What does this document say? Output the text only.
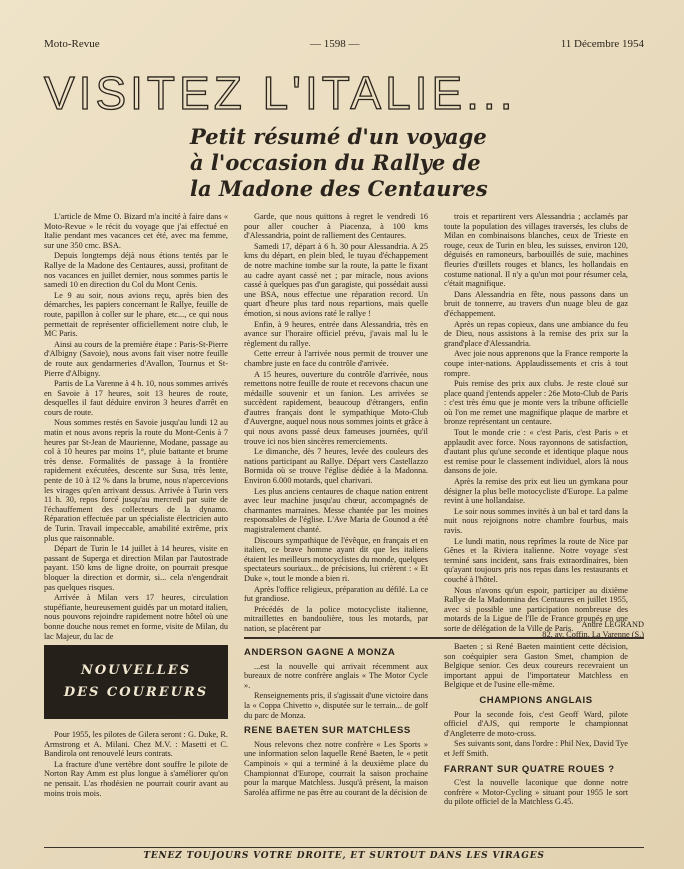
Moto-Revue	— 1598 —	11 Décembre 1954
VISITEZ L'ITALIE...
Petit résumé d'un voyage
à l'occasion du Rallye de
la Madone des Centaures

L'article de Mme O. Bizard m'a incité à faire dans « Moto-Revue » le récit du voyage que j'ai effectué en Italie pendant mes vacances cet été, avec ma femme, sur une 350 cmc. BSA.

Depuis longtemps déjà nous étions tentés par le Rallye de la Madone des Centaures, aussi, profitant de nos vacances en juillet dernier, nous sommes partis le samedi 10 en direction du Col du Mont Cenis.

Le 9 au soir, nous avions reçu, après bien des démarches, les papiers concernant le Rallye, feuille de route, papillon à coller sur le phare, etc..., ce qui nous permettait de représenter officiellement notre club, le MC Paris.

Ainsi au cours de la première étape : Paris-St-Pierre d'Albigny (Savoie), nous avons fait viser notre feuille de route aux gendarmeries d'Avallon, Tournus et St-Pierre d'Albigny.

Partis de La Varenne à 4 h. 10, nous sommes arrivés en Savoie à 17 heures, soit 13 heures de route, desquelles il faut déduire environ 3 heures d'arrêt en cours de route.

Nous sommes restés en Savoie jusqu'au lundi 12 au matin et nous avons repris la route du Mont-Cenis à 7 heures par St-Jean de Maurienne, Modane, passage au col à 10 heures par moins 1°, pluie battante et brume très dense. Formalités de passage à la frontière rapidement exécutées, descente sur Susa, très lente, pente de 10 à 12 % dans la brume, nous n'apercevions les virages qu'en arrivant dessus. Arrivée à Turin vers 11 h. 30, repos forcé jusqu'au mercredi par suite de l'échauffement des collecteurs de la dynamo. Réparation effectuée par un spécialiste électricien auto de Turin. Travail impeccable, amabilité extrême, prix plus que raisonnable.

Départ de Turin le 14 juillet à 14 heures, visite en passant de Superga et direction Milan par l'autostrade payant. 150 kms de ligne droite, on pourrait presque bloquer la direction et dormir, si... cela n'engendrait pas quelques risques.

Arrivée à Milan vers 17 heures, circulation stupéfiante, heureusement guidés par un motard italien, nous pouvons rejoindre rapidement notre hôtel où une bonne douche nous remet en forme, visite de Milan, du lac Majeur, du lac de

Garde, que nous quittons à regret le vendredi 16 pour aller coucher à Piacenza, à 100 kms d'Alessandria, point de ralliement des Centaures.

Samedi 17, départ à 6 h. 30 pour Alessandria. A 25 kms du départ, en plein bled, le tuyau d'échappement de notre machine tombe sur la route, la patte le fixant au cadre ayant cassé net ; par miracle, nous avions cassé à quelques pas d'un garagiste, qui possédait aussi une BSA, nous effectue une réparation record. Un quart d'heure plus tard nous repartions, mais quelle émotion, si nous avions raté le rallye !

Enfin, à 9 heures, entrée dans Alessandria, très en avance sur l'horaire officiel prévu, j'avais mal lu le règlement du rallye.

Cette erreur à l'arrivée nous permit de trouver une chambre juste en face du contrôle d'arrivée.

A 15 heures, ouverture du contrôle d'arrivée, nous remettons notre feuille de route et recevons chacun une médaille souvenir et un fanion. Les arrivées se succèdent rapidement, beaucoup d'étrangers, enfin d'autres français dont le sympathique Moto-Club d'Auvergne, auquel nous nous sommes joints et grâce à qui nous avons passé deux fameuses journées, qu'il trouve ici nos bien sincères remerciements.

Le dimanche, dès 7 heures, levée des couleurs des nations participant au Rallye. Départ vers Castellazzo Bormida où se trouve l'église dédiée à la Madonna. Environ 6.000 motards, quel charivari.

Les plus anciens centaures de chaque nation entrent avec leur machine jusqu'au chœur, accompagnés de charmantes marraines. Messe chantée par les moines responsables de l'église. L'Ave Maria de Gounod a été magistralement chanté.

Discours sympathique de l'évêque, en français et en italien, ce brave homme ayant dit que les italiens étaient les meilleurs motocyclistes du monde, quelques spectateurs souriaux... de précisions, lui crièrent : « Et Duke », tout le monde a bien ri.

Après l'office religieux, préparation au défilé. La ce fut grandiose.

Précédés de la police motocycliste italienne, mitraillettes en bandoulière, tous les motards, par nation, se placèrent par

trois et repartirent vers Alessandria ; acclamés par toute la population des villages traversés, les clubs de Milan en combinaisons blanches, ceux de Trieste en rouge, ceux de Turin en bleu, les suisses, environ 120, déguisés en ramoneurs, barbouillés de suie, machines fleuries d'œillets rouges et blancs, les hollandais en costume national. Il n'y a qu'un mot pour résumer cela, c'était magnifique.

Dans Alessandria en fête, nous passons dans un bruit de tonnerre, au travers d'un nuage bleu de gaz d'échappement.

Après un repas copieux, dans une ambiance du feu de Dieu, nous assistons à la remise des prix sur la grand'place d'Alessandria.

Avec joie nous apprenons que la France remporte la coupe inter-nations. Applaudissements et cris à tout rompre.

Puis remise des prix aux clubs. Je reste cloué sur place quand j'entends appeler : 26e Moto-Club de Paris : c'est très ému que je monte vers la tribune officielle où l'on me remet une magnifique plaque de marbre et bronze représentant un centaure.

Tout le monde crie : « c'est Paris, c'est Paris » et applaudit avec force. Nous rayonnons de satisfaction, d'autant plus qu'une seconde et identique plaque nous est remise pour le classement individuel, alors là nous dansons de joie.

Après la remise des prix eut lieu un gymkana pour désigner la plus belle motocycliste d'Europe. La palme revint à une hollandaise.

Le soir nous sommes invités à un bal et tard dans la nuit nous rejoignons notre chambre fourbus, mais ravis.

Le lundi matin, nous reprîmes la route de Nice par Gênes et la Riviera italienne. Notre voyage s'est terminé sans incident, sans frais extraordinaires, bien qu'ayant toujours pris nos repas dans les restaurants et couché à l'hôtel.

Nous n'avons qu'un espoir, participer au dixième Rallye de la Madonnina des Centaures en juillet 1955, avec si possible une participation nombreuse des motards de la Ligue de l'Ile de France groupés en une sorte de délégation de la Ville de Paris. André LEGRAND
82, av. Coffin, La Varenne (S.)
NOUVELLES
DES COUREURS

Pour 1955, les pilotes de Gilera seront : G. Duke, R. Armstrong et A. Milani. Chez M.V. : Masetti et C. Bandirola ont renouvelé leurs contrats.

La fracture d'une vertèbre dont souffre le pilote de Norton Ray Amm est plus longue à s'améliorer qu'on ne pensait. L'as rhodésien ne pourrait courir avant au moins trois mois.

ANDERSON GAGNE A MONZA

...est la nouvelle qui arrivait récemment aux bureaux de notre confrère anglais « The Motor Cycle ».

Renseignements pris, il s'agissait d'une victoire dans la « Coppa Chivetto », disputée sur le terrain... de golf du parc de Monza.

RENE BAETEN SUR MATCHLESS

Nous relevons chez notre confrère « Les Sports » une information selon laquelle René Baeten, le « petit Campinois » qui a terminé à la deuxième place du Championnat d'Europe, courrait la saison prochaine pour la marque Matchless. Jusqu'à présent, la maison Saroléa affirme ne pas être au courant de la décision de

Baeten ; si René Baeten maintient cette décision, son coéquipier sera Gaston Smet, champion de Belgique senior. Ces deux coureurs recevraient un important appui de l'importateur Matchless en Belgique et de l'usine elle-même.

CHAMPIONS ANGLAIS

Pour la seconde fois, c'est Geoff Ward, pilote officiel d'AJS, qui remporte le championnat d'Angleterre de moto-cross.

Ses suivants sont, dans l'ordre : Phil Nex, David Tye et Jeff Smith.

FARRANT SUR QUATRE ROUES ?

C'est la nouvelle laconique que donne notre confrère « Motor-Cycling » situant pour 1955 le sort du pilote officiel de la Matchless G.45.

TENEZ TOUJOURS VOTRE DROITE, ET SURTOUT DANS LES VIRAGES
